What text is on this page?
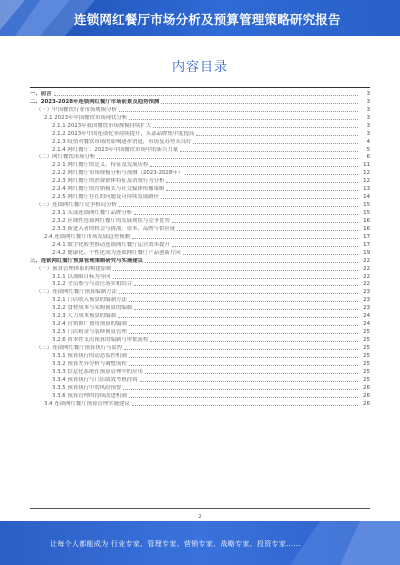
连锁网红餐厅市场分析及预算管理策略研究报告
内容目录
一、前言	3
二、2023-2028年连锁网红餐厅市场前景及趋势预测	3
（一）中国餐饮行业市场规模分析	3
2.1 2023年中国餐饮市场现状分析	3
2.1.1 2023年我国餐饮市场规模持续扩大	3
2.1.2 2023年中国连锁化率持续提升，头部品牌集中度提高	3
2.1.3 疫情对餐饮市场的影响逐步消退，市场复苏势头良好	4
2.1.4 网红餐厅：2023年中国餐饮市场中的新兴力量	5
（二）网红餐饮市场分析	6
2.2.1 网红餐厅的定义、特征及发展历程	11
2.2.2 网红餐厅市场规模分析与预测（2023-2028年）	12
2.2.3 网红餐厅的消费群体特征及消费行为分析	12
2.2.4 网红餐厅的营销模式与社交媒体传播策略	13
2.2.5 网红餐厅存在的问题及可持续发展路径	14
（三）连锁网红餐厅竞争格局分析	15
2.3.1 头部连锁网红餐厅品牌分析	15
2.3.2 区域性连锁网红餐厅的发展现状与竞争优势	16
2.3.3 新进入者的机会与挑战：资本、品牌与供应链	16
2.4 连锁网红餐厅市场发展趋势预测	17
2.4.1 数字化转型推动连锁网红餐厅运营效率提升	17
2.4.2 健康化、个性化成为连锁网红餐厅产品创新方向	19
三、连锁网红餐厅预算管理策略研究与实施建议	22
（一）预算管理体系的构建原则	22
3.1.1 以战略目标为导向	22
3.1.2 全员参与与责任落实相结合	22
（二）连锁网红餐厅预算编制方法	23
3.2.1 门店收入预算的编制方法	23
3.2.2 食材成本与采购预算的编制	23
3.2.3 人力成本预算的编制	24
3.2.4 营销推广费用预算的编制	24
3.2.5 门店租金与装修预算管理	25
3.2.6 资本性支出预算的编制与审批流程	25
（三）连锁网红餐厅预算执行与监控	25
3.3.1 预算执行的动态监控机制	25
3.3.2 预算差异分析与调整流程	25
3.3.3 信息化系统在预算管理中的应用	25
3.3.4 预算执行与门店绩效考核挂钩	25
3.3.5 预算执行中的风险预警	26
3.3.6 预算管理的持续改进机制	26
3.4 连锁网红餐厅预算管理实施建议	26
2
让每个人都能成为 行业专家、管理专家、营销专家、战略专家、投资专家……
